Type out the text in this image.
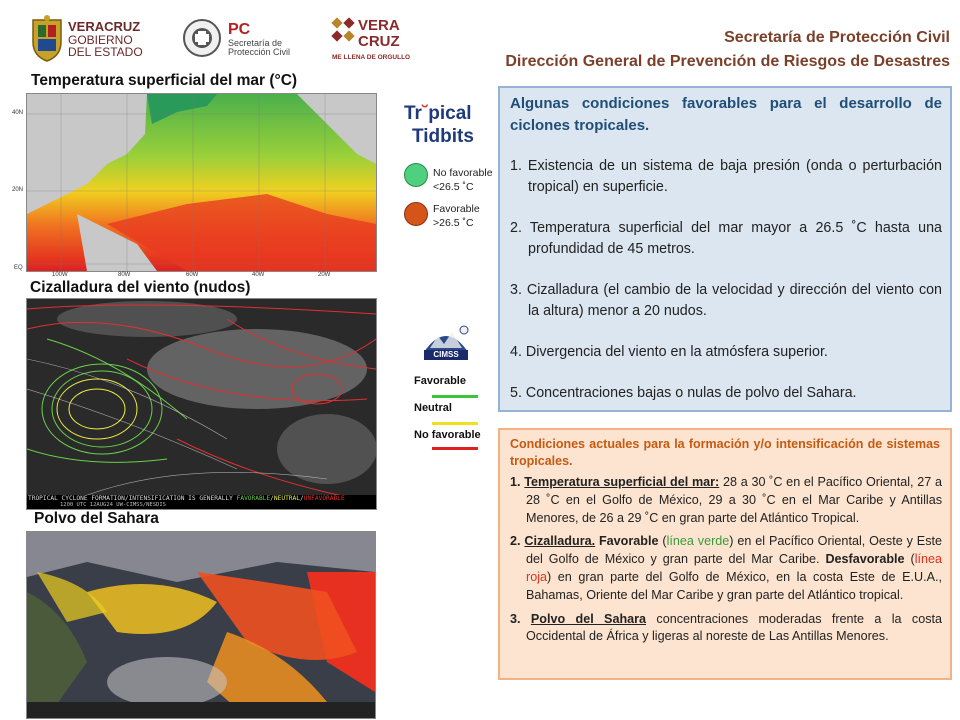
VERACRUZ
GOBIERNO
DEL ESTADO
PC
Secretaría de
Protección Civil
VERA
CRUZ
ME LLENA DE ORGULLO
Secretaría de Protección Civil
Dirección General de Prevención de Riesgos de Desastres
Temperatura superficial del mar (°C)
40N
20N
EQ
100W	80W	60W	40W	20W
Cizalladura del viento (nudos)
TROPICAL CYCLONE FORMATION/INTENSIFICATION IS GENERALLY FAVORABLE/NEUTRAL/UNFAVORABLE
1200 UTC 12AUG24 UW-CIMSS/NESDIS
Polvo del Sahara
Tr˘pical
Tidbits
No favorable
<26.5 ˚C
Favorable
>26.5 ˚C
CIMSS
Favorable
Neutral
No favorable
Algunas condiciones favorables para el desarrollo de ciclones tropicales.
1. Existencia de un sistema de baja presión (onda o perturbación tropical) en superficie.
2. Temperatura superficial del mar mayor a 26.5 ˚C hasta una profundidad de 45 metros.
3. Cizalladura (el cambio de la velocidad y dirección del viento con la altura) menor a 20 nudos.
4. Divergencia del viento en la atmósfera superior.
5. Concentraciones bajas o nulas de polvo del Sahara.
Condiciones actuales para la formación y/o intensificación de sistemas tropicales.
1. Temperatura superficial del mar: 28 a 30 ˚C en el Pacífico Oriental, 27 a 28 ˚C en el Golfo de México, 29 a 30 ˚C en el Mar Caribe y Antillas Menores, de 26 a 29 ˚C en gran parte del Atlántico Tropical.
2. Cizalladura. Favorable (línea verde) en el Pacífico Oriental, Oeste y Este del Golfo de México y gran parte del Mar Caribe. Desfavorable (línea roja) en gran parte del Golfo de México, en la costa Este de E.U.A., Bahamas, Oriente del Mar Caribe y gran parte del Atlántico tropical.
3. Polvo del Sahara concentraciones moderadas frente a la costa Occidental de África y ligeras al noreste de Las Antillas Menores.
